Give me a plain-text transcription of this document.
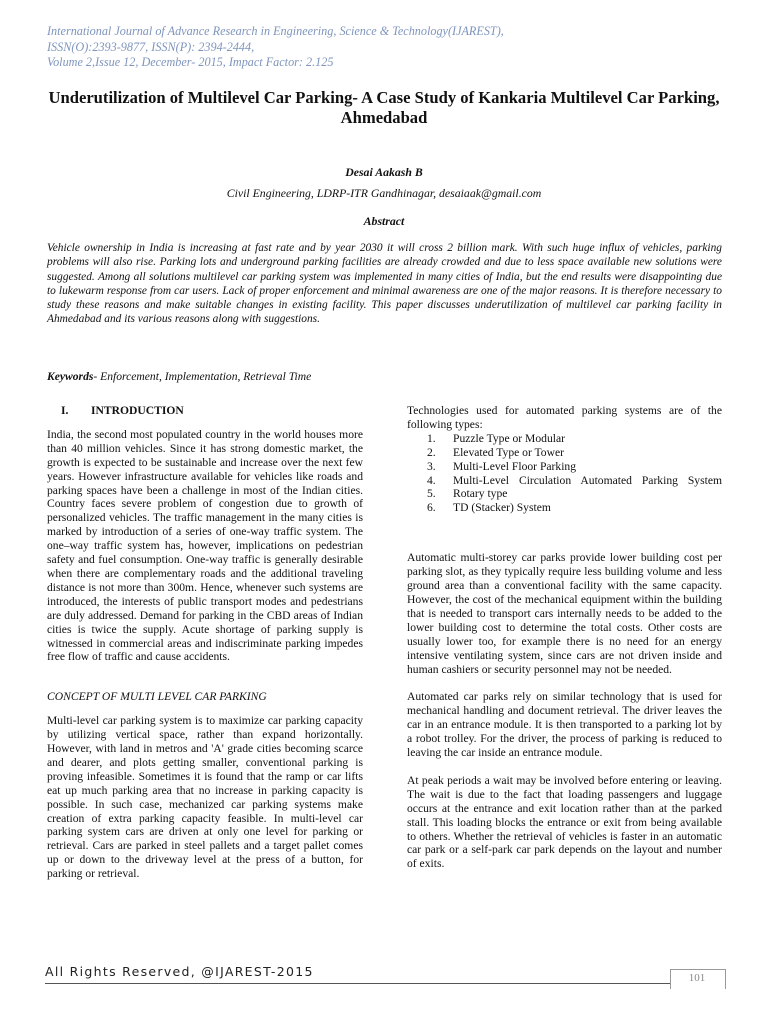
International Journal of Advance Research in Engineering, Science & Technology(IJAREST),
ISSN(O):2393-9877, ISSN(P): 2394-2444,
Volume 2,Issue 12, December- 2015, Impact Factor: 2.125
Underutilization of Multilevel Car Parking- A Case Study of Kankaria Multilevel Car Parking, Ahmedabad
Desai Aakash B
Civil Engineering, LDRP-ITR Gandhinagar, desaiaak@gmail.com
Abstract

Vehicle ownership in India is increasing at fast rate and by year 2030 it will cross 2 billion mark. With such huge influx of vehicles, parking problems will also rise. Parking lots and underground parking facilities are already crowded and due to less space available new solutions were suggested. Among all solutions multilevel car parking system was implemented in many cities of India, but the end results were disappointing due to lukewarm response from car users. Lack of proper enforcement and minimal awareness are one of the major reasons. It is therefore necessary to study these reasons and make suitable changes in existing facility. This paper discusses underutilization of multilevel car parking facility in Ahmedabad and its various reasons along with suggestions.

Keywords- Enforcement, Implementation, Retrieval Time
I. INTRODUCTION

India, the second most populated country in the world houses more than 40 million vehicles. Since it has strong domestic market, the growth is expected to be sustainable and increase over the next few years. However infrastructure available for vehicles like roads and parking spaces have been a challenge in most of the Indian cities. Country faces severe problem of congestion due to growth of personalized vehicles. The traffic management in the many cities is marked by introduction of a series of one-way traffic system. The one–way traffic system has, however, implications on pedestrian safety and fuel consumption. One-way traffic is generally desirable when there are complementary roads and the additional traveling distance is not more than 300m. Hence, whenever such systems are introduced, the interests of public transport modes and pedestrians are duly addressed. Demand for parking in the CBD areas of Indian cities is twice the supply. Acute shortage of parking supply is witnessed in commercial areas and indiscriminate parking impedes free flow of traffic and cause accidents.

CONCEPT OF MULTI LEVEL CAR PARKING

Multi-level car parking system is to maximize car parking capacity by utilizing vertical space, rather than expand horizontally. However, with land in metros and 'A' grade cities becoming scarce and dearer, and plots getting smaller, conventional parking is proving infeasible. Sometimes it is found that the ramp or car lifts eat up much parking area that no increase in parking capacity is possible. In such case, mechanized car parking systems make creation of extra parking capacity feasible. In multi-level car parking system cars are driven at only one level for parking or retrieval. Cars are parked in steel pallets and a target pallet comes up or down to the driveway level at the press of a button, for parking or retrieval.

Technologies used for automated parking systems are of the following types:

1.	Puzzle Type or Modular
2.	Elevated Type or Tower
3.	Multi-Level Floor Parking
4.	Multi-Level Circulation Automated Parking System
5.	Rotary type
6.	TD (Stacker) System

Automatic multi-storey car parks provide lower building cost per parking slot, as they typically require less building volume and less ground area than a conventional facility with the same capacity. However, the cost of the mechanical equipment within the building that is needed to transport cars internally needs to be added to the lower building cost to determine the total costs. Other costs are usually lower too, for example there is no need for an energy intensive ventilating system, since cars are not driven inside and human cashiers or security personnel may not be needed.

Automated car parks rely on similar technology that is used for mechanical handling and document retrieval. The driver leaves the car in an entrance module. It is then transported to a parking lot by a robot trolley. For the driver, the process of parking is reduced to leaving the car inside an entrance module.

At peak periods a wait may be involved before entering or leaving. The wait is due to the fact that loading passengers and luggage occurs at the entrance and exit location rather than at the parked stall. This loading blocks the entrance or exit from being available to others. Whether the retrieval of vehicles is faster in an automatic car park or a self-park car park depends on the layout and number of exits.

All Rights Reserved, @IJAREST-2015	101
